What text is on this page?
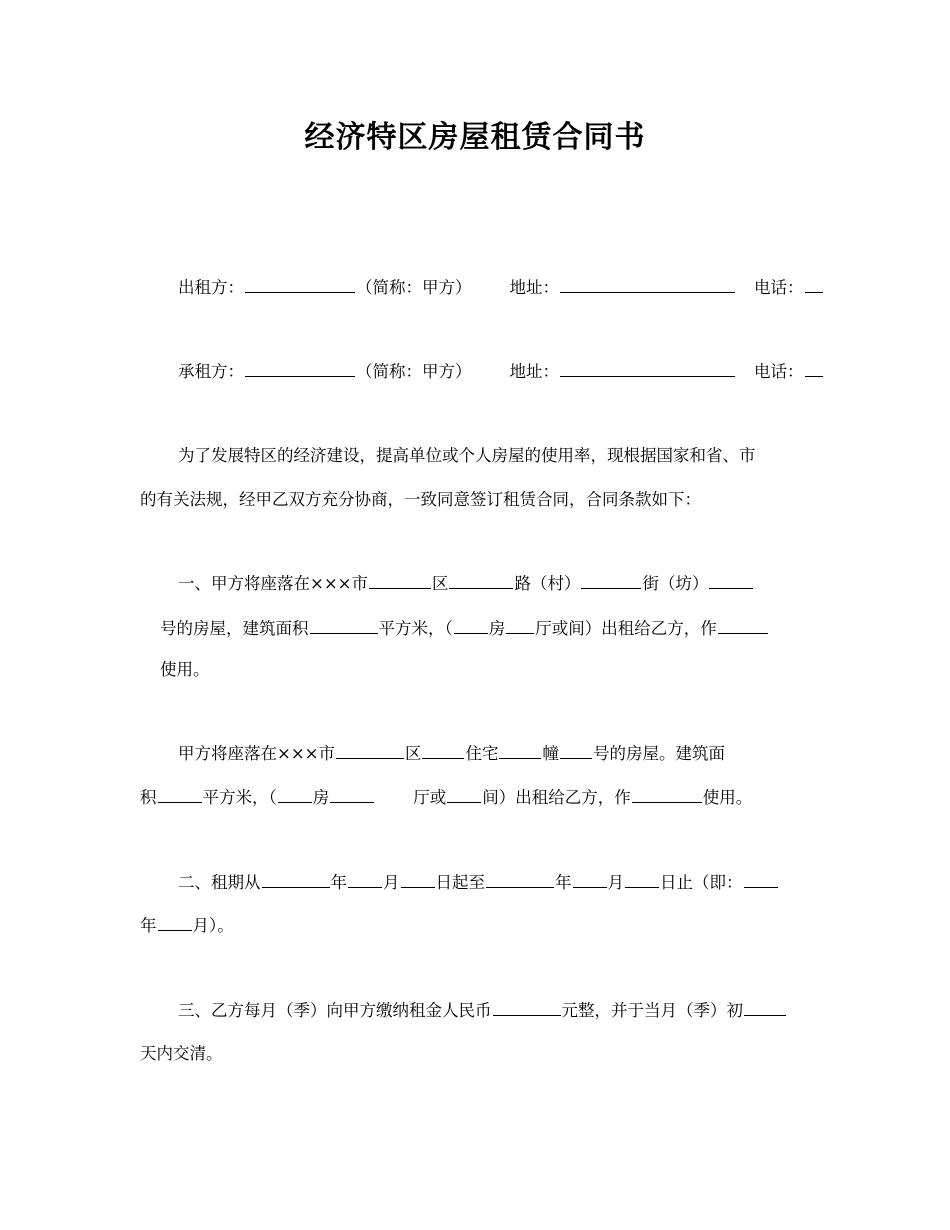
经济特区房屋租赁合同书
出租方：	（简称：甲方） 地址：	电话：
承租方：	（简称：甲方） 地址：	电话：
为了发展特区的经济建设，提高单位或个人房屋的使用率，现根据国家和省、市
的有关法规，经甲乙双方充分协商，一致同意签订租赁合同，合同条款如下：
一、甲方将座落在×××市	区	路（村）	街（坊）
号的房屋，建筑面积	平方米，（ 房 厅或间）出租给乙方，作
使用。
甲方将座落在×××市	区	住宅	幢 号的房屋。建筑面
积	平方米，（ 房	厅或 间）出租给乙方，作	使用。
二、租期从	年 月 日起至	年 月 日止（即：
年 月）。
三、乙方每月（季）向甲方缴纳租金人民币	元整，并于当月（季）初
天内交清。
